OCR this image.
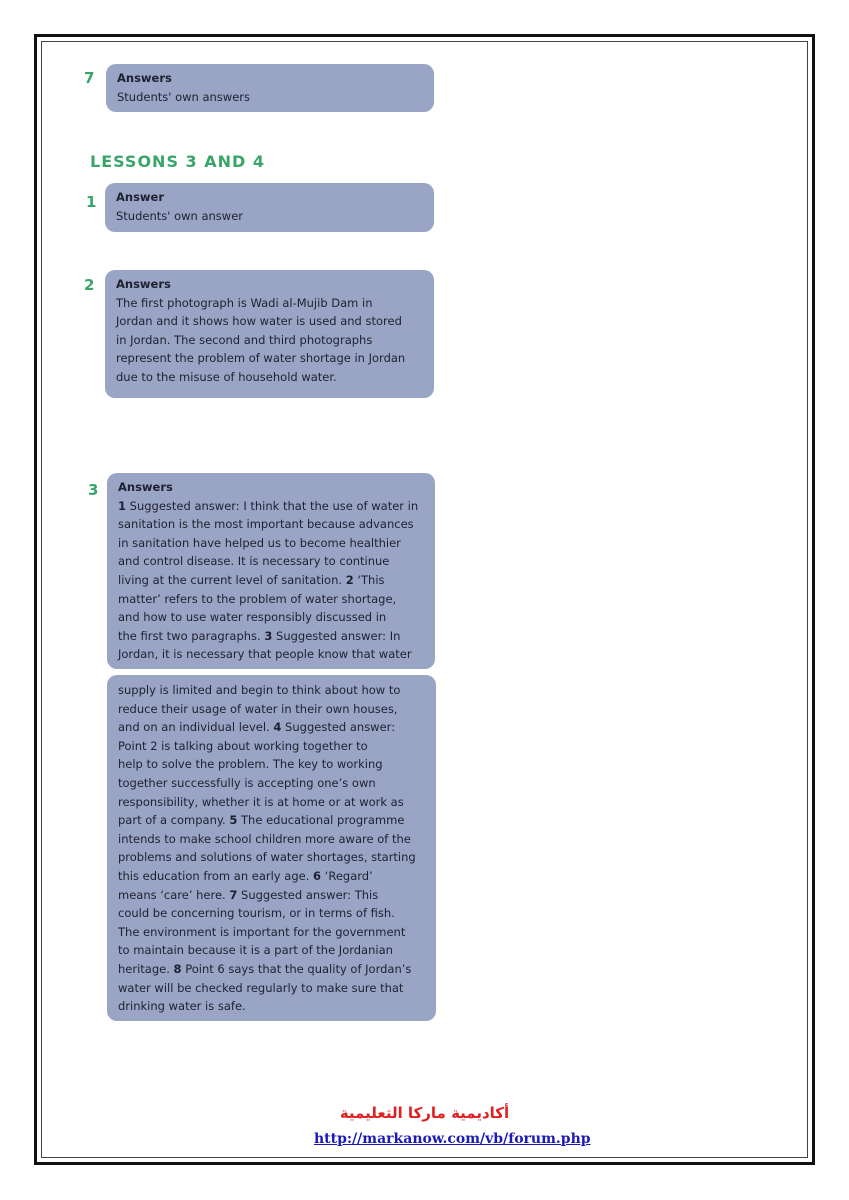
7 Answers
Students' own answers
LESSONS 3 AND 4
1 Answer
Students' own answer
2 Answers
The first photograph is Wadi al-Mujib Dam in
Jordan and it shows how water is used and stored
in Jordan. The second and third photographs
represent the problem of water shortage in Jordan
due to the misuse of household water.
3 Answers
1 Suggested answer: I think that the use of water in
sanitation is the most important because advances
in sanitation have helped us to become healthier
and control disease. It is necessary to continue
living at the current level of sanitation. 2 ‘This
matter’ refers to the problem of water shortage,
and how to use water responsibly discussed in
the first two paragraphs. 3 Suggested answer: In
Jordan, it is necessary that people know that water
supply is limited and begin to think about how to
reduce their usage of water in their own houses,
and on an individual level. 4 Suggested answer:
Point 2 is talking about working together to
help to solve the problem. The key to working
together successfully is accepting one’s own
responsibility, whether it is at home or at work as
part of a company. 5 The educational programme
intends to make school children more aware of the
problems and solutions of water shortages, starting
this education from an early age. 6 ‘Regard’
means ‘care’ here. 7 Suggested answer: This
could be concerning tourism, or in terms of fish.
The environment is important for the government
to maintain because it is a part of the Jordanian
heritage. 8 Point 6 says that the quality of Jordan’s
water will be checked regularly to make sure that
drinking water is safe.
أكاديمية ماركا التعليمية
http://markanow.com/vb/forum.php
